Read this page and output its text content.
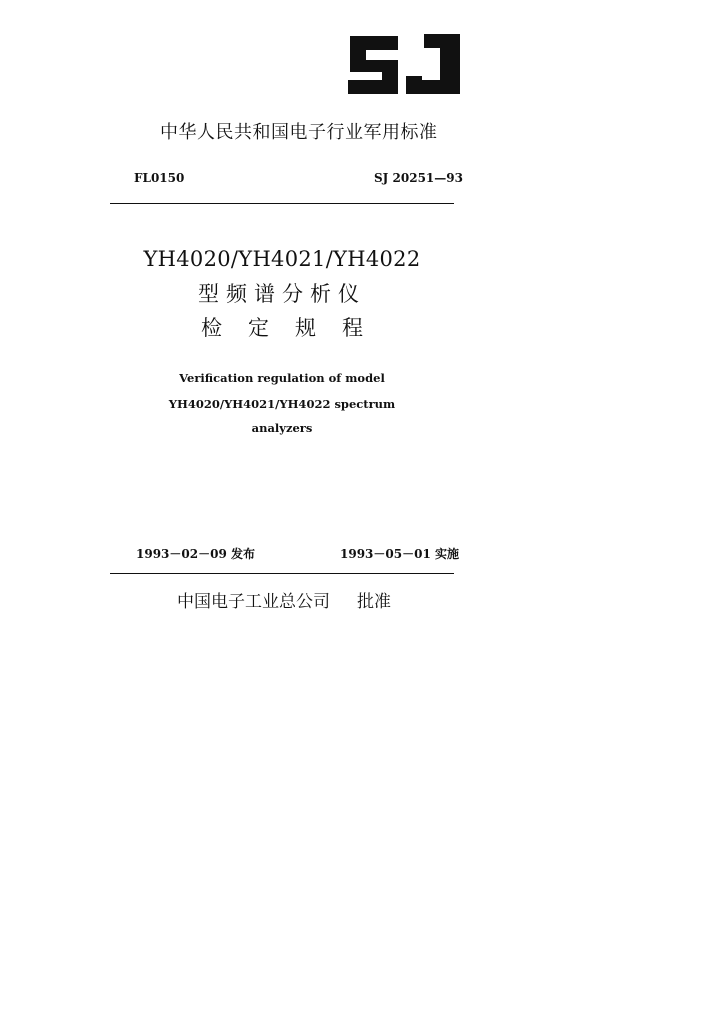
中华人民共和国电子行业军用标准
FL0150	SJ 20251—93
YH4020/YH4021/YH4022
型频谱分析仪
检定规程
Verification regulation of model
YH4020/YH4021/YH4022 spectrum
analyzers
1993－02－09 发布	1993－05－01 实施
中国电子工业总公司 批准
